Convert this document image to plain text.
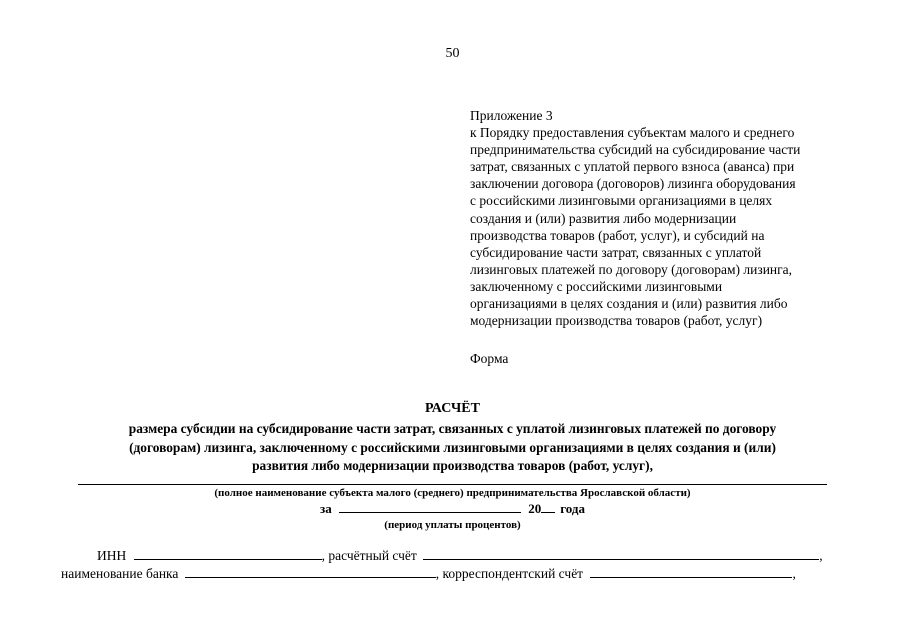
50
Приложение 3
к Порядку предоставления субъектам малого и среднего
предпринимательства субсидий на субсидирование части
затрат, связанных с уплатой первого взноса (аванса) при
заключении договора (договоров) лизинга оборудования
с российскими лизинговыми организациями в целях
создания и (или) развития либо модернизации
производства товаров (работ, услуг), и субсидий на
субсидирование части затрат, связанных с уплатой
лизинговых платежей по договору (договорам) лизинга,
заключенному с российскими лизинговыми
организациями в целях создания и (или) развития либо
модернизации производства товаров (работ, услуг)
Форма
РАСЧЁТ
размера субсидии на субсидирование части затрат, связанных с уплатой лизинговых платежей по договору
(договорам) лизинга, заключенному с российскими лизинговыми организациями в целях создания и (или)
развития либо модернизации производства товаров (работ, услуг),
(полное наименование субъекта малого (среднего) предпринимательства Ярославской области)
за	20 года
(период уплаты процентов)
ИНН	, расчётный счёт	,
наименование банка	, корреспондентский счёт	,
